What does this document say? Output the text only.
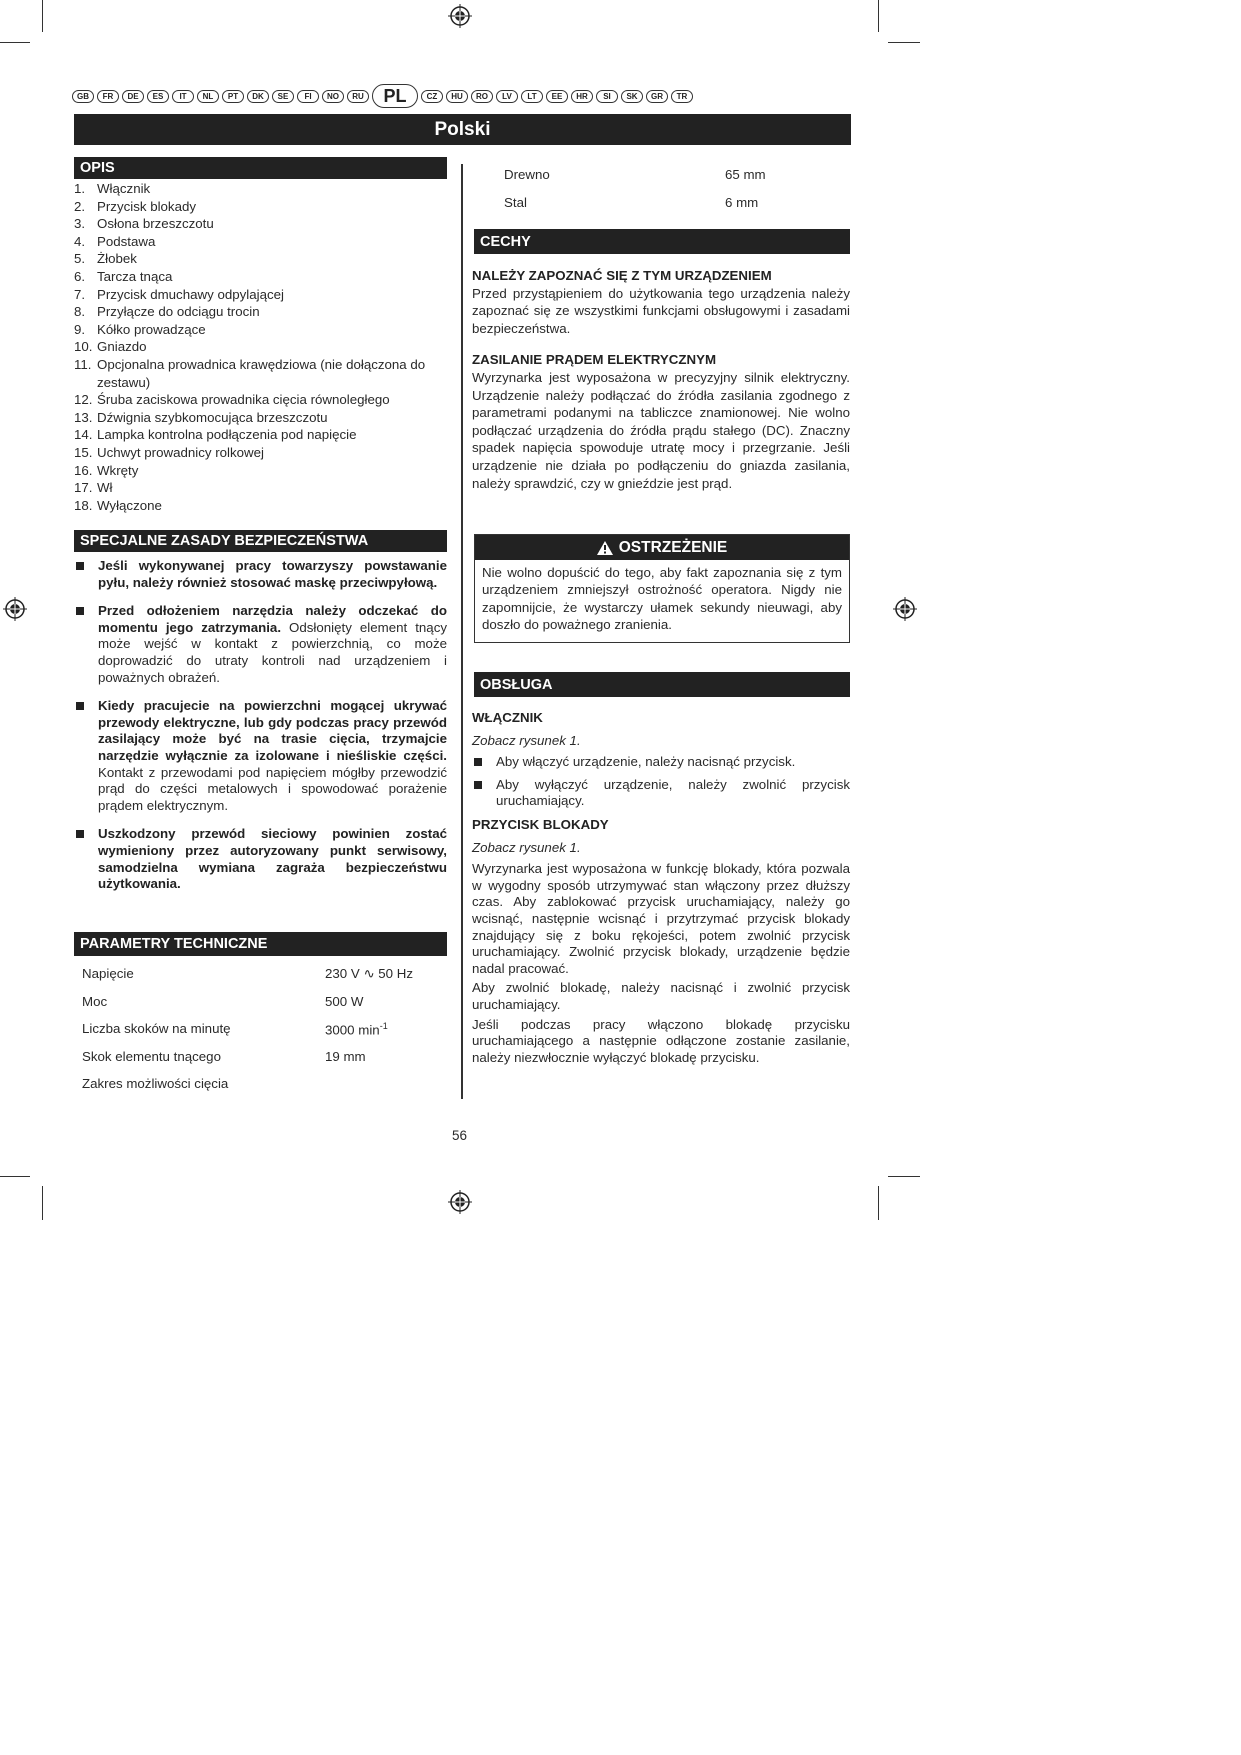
GB	FR	DE	ES	IT	NL	PT	DK	SE	FI	NO	RU	PL	CZ	HU	RO	LV	LT	EE	HR	SI	SK	GR	TR
Polski
OPIS
1. Włącznik
2. Przycisk blokady
3. Osłona brzeszczotu
4. Podstawa
5. Żłobek
6. Tarcza tnąca
7. Przycisk dmuchawy odpylającej
8. Przyłącze do odciągu trocin
9. Kółko prowadzące
10. Gniazdo
11. Opcjonalna prowadnica krawędziowa (nie dołączona do zestawu)
12. Śruba zaciskowa prowadnika cięcia równoległego
13. Dźwignia szybkomocująca brzeszczotu
14. Lampka kontrolna podłączenia pod napięcie
15. Uchwyt prowadnicy rolkowej
16. Wkręty
17. Wł
18. Wyłączone
SPECJALNE ZASADY BEZPIECZEŃSTWA
Jeśli wykonywanej pracy towarzyszy powstawanie pyłu, należy również stosować maskę przeciwpyłową.
Przed odłożeniem narzędzia należy odczekać do momentu jego zatrzymania. Odsłonięty element tnący może wejść w kontakt z powierzchnią, co może doprowadzić do utraty kontroli nad urządzeniem i poważnych obrażeń.
Kiedy pracujecie na powierzchni mogącej ukrywać przewody elektryczne, lub gdy podczas pracy przewód zasilający może być na trasie cięcia, trzymajcie narzędzie wyłącznie za izolowane i nieśliskie części. Kontakt z przewodami pod napięciem mógłby przewodzić prąd do części metalowych i spowodować porażenie prądem elektrycznym.
Uszkodzony przewód sieciowy powinien zostać wymieniony przez autoryzowany punkt serwisowy, samodzielna wymiana zagraża bezpieczeństwu użytkowania.
PARAMETRY TECHNICZNE
Napięcie	230 V ∿ 50 Hz
Moc	500 W
Liczba skoków na minutę	3000 $\min^{-1}$
Skok elementu tnącego	19 mm
Zakres możliwości cięcia
Drewno	65 mm
Stal	6 mm
CECHY
NALEŻY ZAPOZNAĆ SIĘ Z TYM URZĄDZENIEM
Przed przystąpieniem do użytkowania tego urządzenia należy zapoznać się ze wszystkimi funkcjami obsługowymi i zasadami bezpieczeństwa.
ZASILANIE PRĄDEM ELEKTRYCZNYM
Wyrzynarka jest wyposażona w precyzyjny silnik elektryczny. Urządzenie należy podłączać do źródła zasilania zgodnego z parametrami podanymi na tabliczce znamionowej. Nie wolno podłączać urządzenia do źródła prądu stałego (DC). Znaczny spadek napięcia spowoduje utratę mocy i przegrzanie. Jeśli urządzenie nie działa po podłączeniu do gniazda zasilania, należy sprawdzić, czy w gnieździe jest prąd.
OSTRZEŻENIE
Nie wolno dopuścić do tego, aby fakt zapoznania się z tym urządzeniem zmniejszył ostrożność operatora. Nigdy nie zapomnijcie, że wystarczy ułamek sekundy nieuwagi, aby doszło do poważnego zranienia.
OBSŁUGA
WŁĄCZNIK
Zobacz rysunek 1.
Aby włączyć urządzenie, należy nacisnąć przycisk.
Aby wyłączyć urządzenie, należy zwolnić przycisk uruchamiający.
PRZYCISK BLOKADY
Zobacz rysunek 1.
Wyrzynarka jest wyposażona w funkcję blokady, która pozwala w wygodny sposób utrzymywać stan włączony przez dłuższy czas. Aby zablokować przycisk uruchamiający, należy go wcisnąć, następnie wcisnąć i przytrzymać przycisk blokady znajdujący się z boku rękojeści, potem zwolnić przycisk uruchamiający. Zwolnić przycisk blokady, urządzenie będzie nadal pracować.
Aby zwolnić blokadę, należy nacisnąć i zwolnić przycisk uruchamiający.
Jeśli podczas pracy włączono blokadę przycisku uruchamiającego a następnie odłączone zostanie zasilanie, należy niezwłocznie wyłączyć blokadę przycisku.
56
